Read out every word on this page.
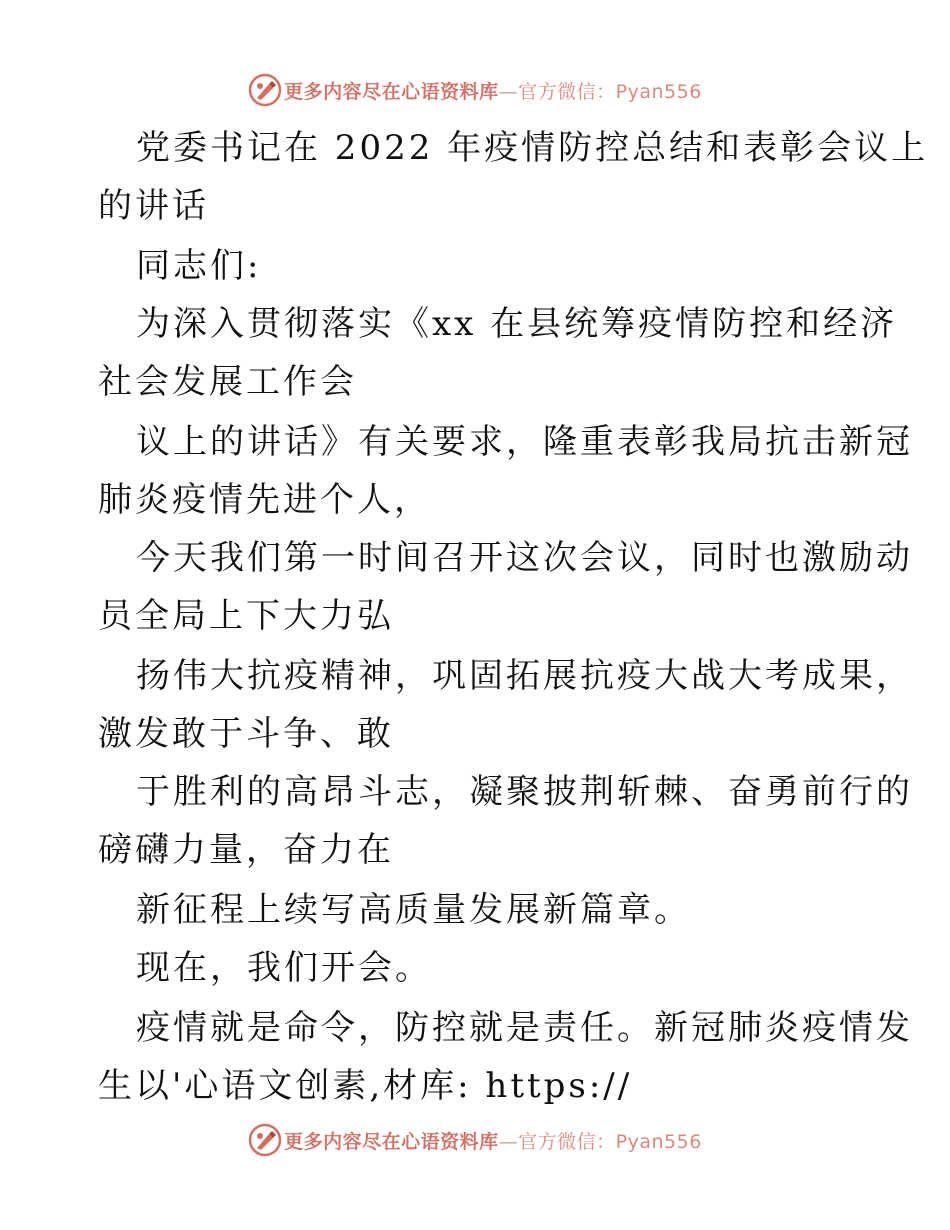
更多内容尽在心语资料库—官方微信：Pyan556
党委书记在 2022 年疫情防控总结和表彰会议上
的讲话
同志们:
为深入贯彻落实《xx 在县统筹疫情防控和经济
社会发展工作会
议上的讲话》有关要求，隆重表彰我局抗击新冠
肺炎疫情先进个人，
今天我们第一时间召开这次会议，同时也激励动
员全局上下大力弘
扬伟大抗疫精神，巩固拓展抗疫大战大考成果，
激发敢于斗争、敢
于胜利的高昂斗志，凝聚披荆斩棘、奋勇前行的
磅礴力量，奋力在
新征程上续写高质量发展新篇章。
现在，我们开会。
疫情就是命令，防控就是责任。新冠肺炎疫情发
生以'心语文创素,材库: https://
更多内容尽在心语资料库—官方微信：Pyan556
